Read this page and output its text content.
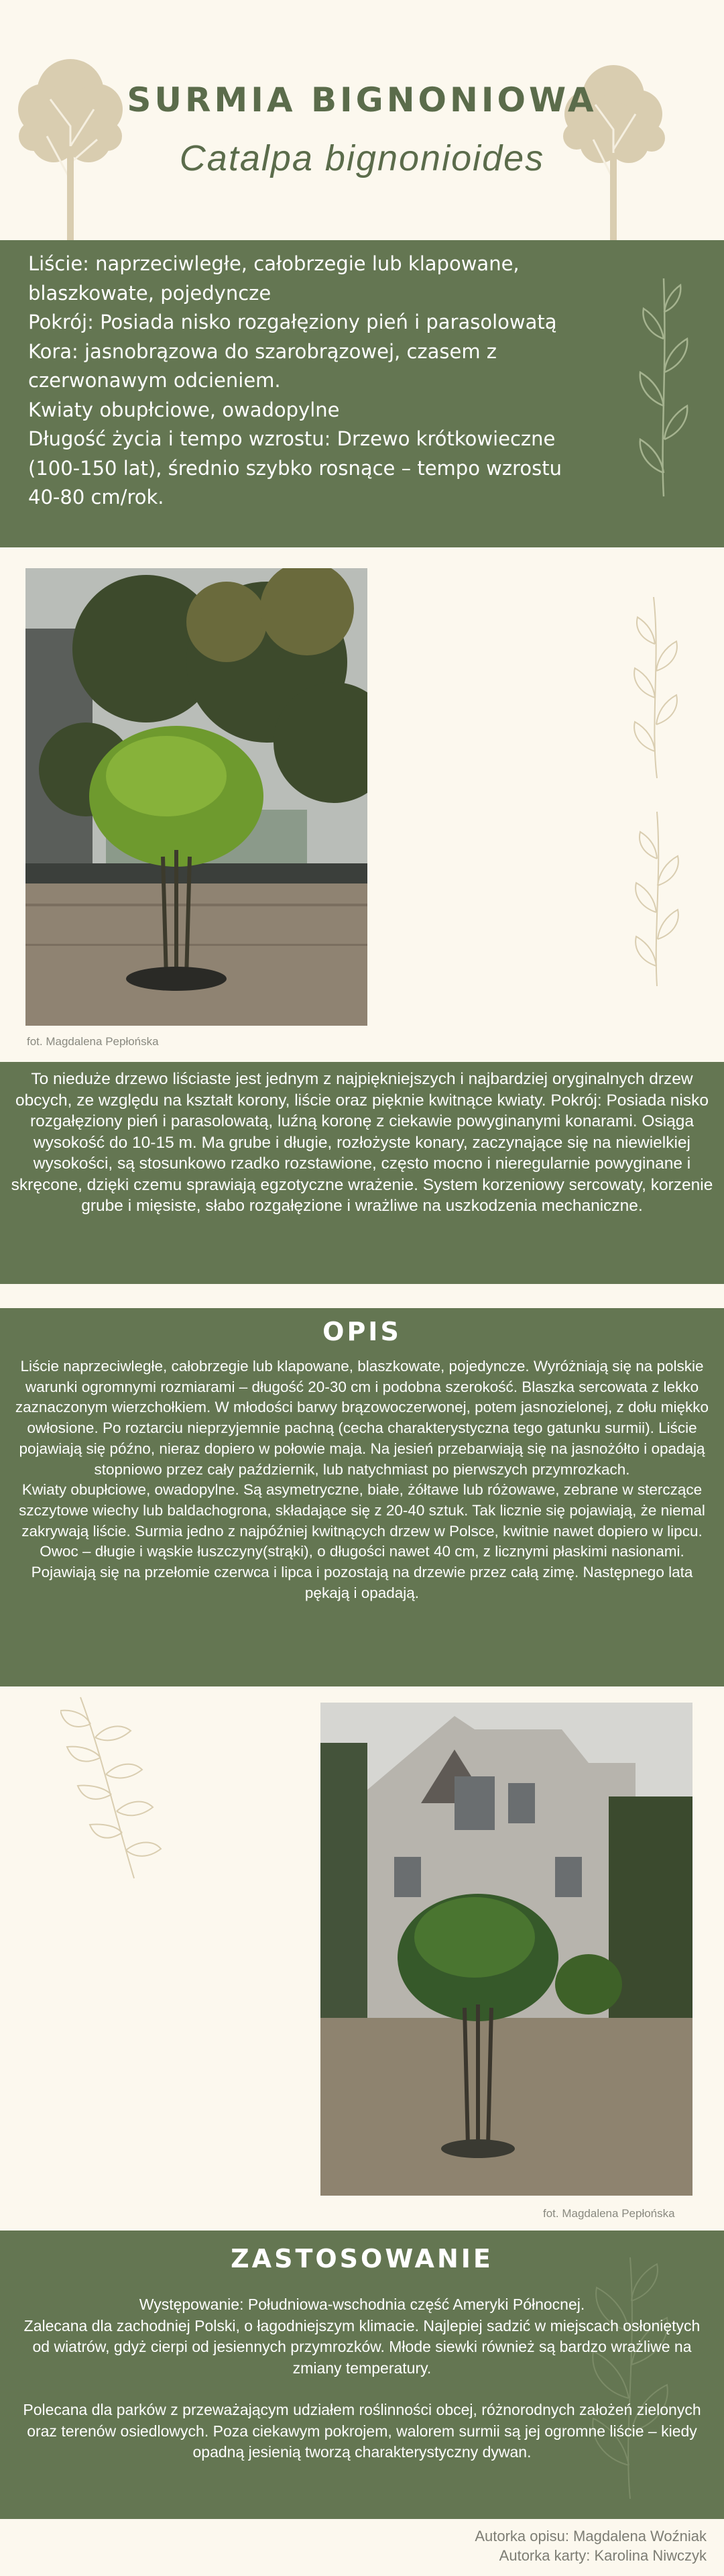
SURMIA BIGNONIOWA
Catalpa bignonioides
Liście: naprzeciwległe, całobrzegie lub klapowane,
blaszkowate, pojedyncze
Pokrój: Posiada nisko rozgałęziony pień i parasolowatą
Kora: jasnobrązowa do szarobrązowej, czasem z
czerwonawym odcieniem.
Kwiaty obupłciowe, owadopylne
Długość życia i tempo wzrostu: Drzewo krótkowieczne
(100-150 lat), średnio szybko rosnące – tempo wzrostu
40-80 cm/rok.
fot. Magdalena Pepłońska
To nieduże drzewo liściaste jest jednym z najpiękniejszych i najbardziej oryginalnych drzew obcych, ze względu na kształt korony, liście oraz pięknie kwitnące kwiaty. Pokrój: Posiada nisko rozgałęziony pień i parasolowatą, luźną koronę z ciekawie powyginanymi konarami. Osiąga wysokość do 10-15 m. Ma grube i długie, rozłożyste konary, zaczynające się na niewielkiej wysokości, są stosunkowo rzadko rozstawione, często mocno i nieregularnie powyginane i skręcone, dzięki czemu sprawiają egzotyczne wrażenie. System korzeniowy sercowaty, korzenie grube i mięsiste, słabo rozgałęzione i wrażliwe na uszkodzenia mechaniczne.
OPIS

Liście naprzeciwległe, całobrzegie lub klapowane, blaszkowate, pojedyncze. Wyróżniają się na polskie warunki ogromnymi rozmiarami – długość 20-30 cm i podobna szerokość. Blaszka sercowata z lekko zaznaczonym wierzchołkiem. W młodości barwy brązowoczerwonej, potem jasnozielonej, z dołu miękko owłosione. Po roztarciu nieprzyjemnie pachną (cecha charakterystyczna tego gatunku surmii). Liście pojawiają się późno, nieraz dopiero w połowie maja. Na jesień przebarwiają się na jasnożółto i opadają stopniowo przez cały październik, lub natychmiast po pierwszych przymrozkach.

Kwiaty obupłciowe, owadopylne. Są asymetryczne, białe, żółtawe lub różowawe, zebrane w sterczące szczytowe wiechy lub baldachogrona, składające się z 20-40 sztuk. Tak licznie się pojawiają, że niemal zakrywają liście. Surmia jedno z najpóźniej kwitnących drzew w Polsce, kwitnie nawet dopiero w lipcu. Owoc – długie i wąskie łuszczyny(strąki), o długości nawet 40 cm, z licznymi płaskimi nasionami. Pojawiają się na przełomie czerwca i lipca i pozostają na drzewie przez całą zimę. Następnego lata pękają i opadają.

fot. Magdalena Pepłońska
ZASTOSOWANIE

Występowanie: Południowa-wschodnia część Ameryki Północnej.

Zalecana dla zachodniej Polski, o łagodniejszym klimacie. Najlepiej sadzić w miejscach osłoniętych od wiatrów, gdyż cierpi od jesiennych przymrozków. Młode siewki również są bardzo wrażliwe na zmiany temperatury.

Polecana dla parków z przeważającym udziałem roślinności obcej, różnorodnych założeń zielonych oraz terenów osiedlowych. Poza ciekawym pokrojem, walorem surmii są jej ogromne liście – kiedy opadną jesienią tworzą charakterystyczny dywan.

Autorka opisu: Magdalena Woźniak
Autorka karty: Karolina Niwczyk
